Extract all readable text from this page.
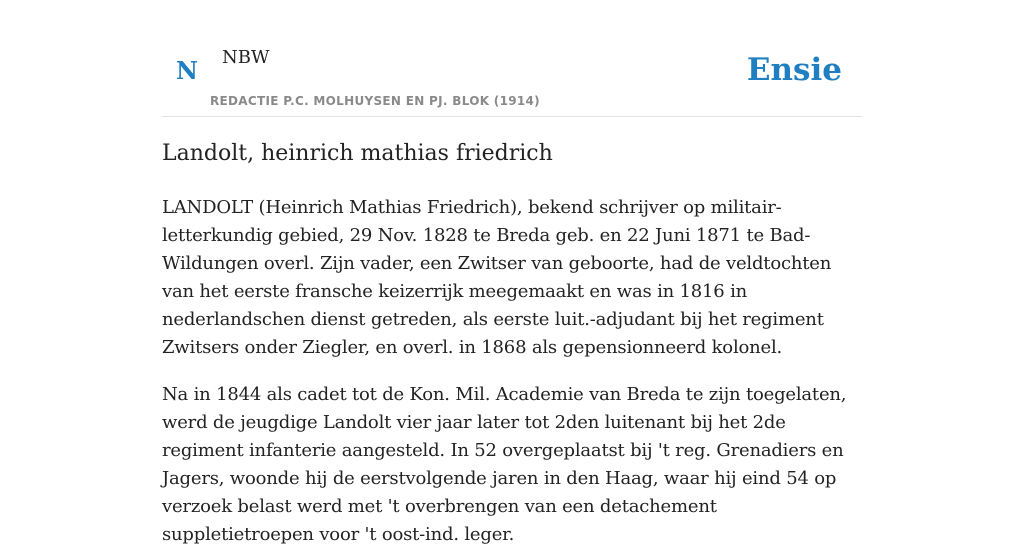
N NBW
REDACTIE P.C. MOLHUYSEN EN PJ. BLOK (1914)
Ensie
Landolt, heinrich mathias friedrich

LANDOLT (Heinrich Mathias Friedrich), bekend schrijver op militair-letterkundig gebied, 29 Nov. 1828 te Breda geb. en 22 Juni 1871 te Bad-Wildungen overl. Zijn vader, een Zwitser van geboorte, had de veldtochten van het eerste fransche keizerrijk meegemaakt en was in 1816 in nederlandschen dienst getreden, als eerste luit.-adjudant bij het regiment Zwitsers onder Ziegler, en overl. in 1868 als gepensionneerd kolonel.

Na in 1844 als cadet tot de Kon. Mil. Academie van Breda te zijn toegelaten, werd de jeugdige Landolt vier jaar later tot 2den luitenant bij het 2de regiment infanterie aangesteld. In 52 overgeplaatst bij 't reg. Grenadiers en Jagers, woonde hij de eerstvolgende jaren in den Haag, waar hij eind 54 op verzoek belast werd met 't overbrengen van een detachement suppletietroepen voor 't oost-ind. leger.
